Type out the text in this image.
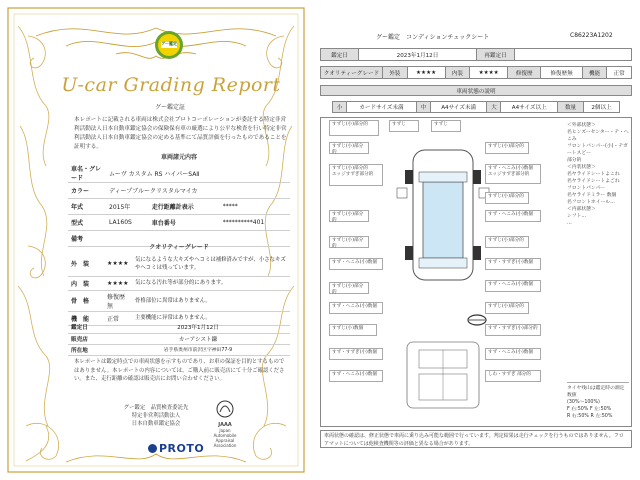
グー鑑定
U-car Grading Report
グー鑑定証
本レポートに記載される車両は株式会社プロトコーポレーションが委託する特定非営利活動法人日本自動車鑑定協会の保険保有車の厳選により公平な検査を行い特定非営利活動法人日本自動車鑑定協会の定める基準にて品質評価を行ったものであることを証明する。
車両諸元内容
車名・グレード	ムーヴ カスタム RS ハイパーSAⅡ		
カラー	ディープブルークリスタルマイカ		
年式	2015年	走行距離計表示	*****
型式	LA160S	車台番号	**********401
備考			
クオリティーグレード
外　装	★★★★	気になるような大キズやヘコミは補修済みですが、小さなキズやヘコミは残っています。
内　装	★★★★	気になる汚れ等が部分的にあります。
骨　格	修復歴無	骨格部位に異常はありません。
機　能	正常	主要機能に异常はありません。
鑑定日	2023年1月12日
販売店	カーアシスト鎌
所在地	岩手県奥州市前沢区字神田77-9
本レポートは鑑定時点での車両状態を示すものであり、お車の保証を目的とするものではありません。本レポートの内容については、ご購入前に販売店にて十分ご確認ください。また、走行距離の確認は販売店にお問い合わせください。
グー鑑定　品質検査委託先
特定非営利活動法人
日本自動車鑑定協会	JAAA
Japan Automobile Appraisal Association
PROTO
グー鑑定　コンディションチェックシート	C86223A1202
鑑定日	2023年1月12日	再鑑定日	
クオリティーグレード	外装	★★★★	内装	★★★★	修復歴	修復歴無	機能	正常
車両状態の説明
小	カードサイズ未満	中	A4サイズ未満	大	A4サイズ以上	数量	2個以上
すずじ(小)部分的
すずじ(小)部分的
すずじ(小)部分的
エッジすずぎ部分的
すずじ(小)部分的
すずじ(小)部分的
すず・へこみ(小)数個
すずじ(小)部分的
すず・へこみ(小)数個
すずじ(小)数個
すず・すずぎ(小)数個
すず・へこみ(小)数個
すずじ	すずじ
すずじ(小)部分的
すず・へこみ(小)数個
エッジすずぎ部分的
すずじ(小)部分的
すず・へこみ(小)数個
すずじ(小)部分的
すず・すずぎ(小)数個
すず・へこみ(小)数個
すずじ(小)部分的
すず・すずぎ(小)部分的
すず・へこみ(小)数個
しわ・すずぎ 部分的
＜外部状態＞
名ヒンズーセンター・テ・へこみ
フロントバンパー(小)・テガートスどー
部分的
＜内装状態＞
名ヤライドシートよこれ
名ヤライドシートよごれ
フロントバンパー
名ヤライドミラー 数個
名フロントホイール…
＜内部状態＞
シフト…
…
タイヤ残山は鑑定時の測定数値
(30%〜100%)
F 右:50% F 左:50%
R 右:50% R 左:50%
車両状態の確認は、修正状態で車両に乗り込み可能な範囲で行っています。判定結果は走行チェックを行うものではありません。フロアマットについては他検査機関等の評価と異なる場合があります。
